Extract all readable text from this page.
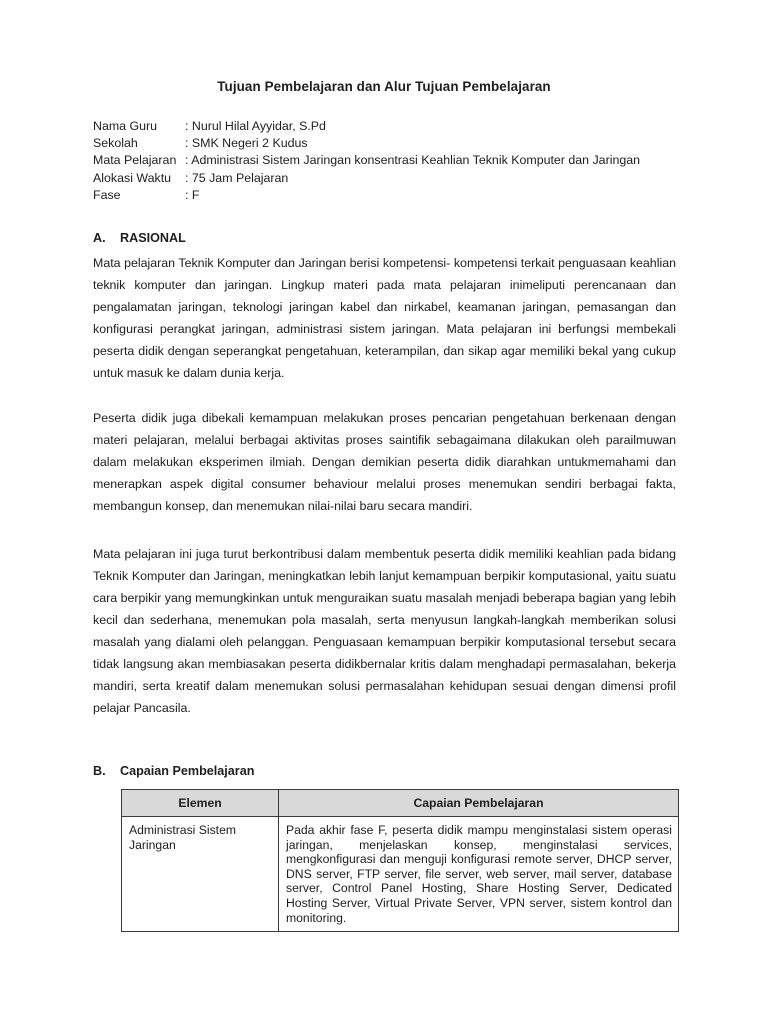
Tujuan Pembelajaran dan Alur Tujuan Pembelajaran
Nama Guru	: Nurul Hilal Ayyidar, S.Pd
Sekolah	: SMK Negeri 2 Kudus
Mata Pelajaran : Administrasi Sistem Jaringan konsentrasi Keahlian Teknik Komputer dan Jaringan
Alokasi Waktu	: 75 Jam Pelajaran
Fase	: F
A. RASIONAL

Mata pelajaran Teknik Komputer dan Jaringan berisi kompetensi- kompetensi terkait penguasaan keahlian teknik komputer dan jaringan. Lingkup materi pada mata pelajaran inimeliputi perencanaan dan pengalamatan jaringan, teknologi jaringan kabel dan nirkabel, keamanan jaringan, pemasangan dan konfigurasi perangkat jaringan, administrasi sistem jaringan. Mata pelajaran ini berfungsi membekali peserta didik dengan seperangkat pengetahuan, keterampilan, dan sikap agar memiliki bekal yang cukup untuk masuk ke dalam dunia kerja.

Peserta didik juga dibekali kemampuan melakukan proses pencarian pengetahuan berkenaan dengan materi pelajaran, melalui berbagai aktivitas proses saintifik sebagaimana dilakukan oleh parailmuwan dalam melakukan eksperimen ilmiah. Dengan demikian peserta didik diarahkan untukmemahami dan menerapkan aspek digital consumer behaviour melalui proses menemukan sendiri berbagai fakta, membangun konsep, dan menemukan nilai-nilai baru secara mandiri.

Mata pelajaran ini juga turut berkontribusi dalam membentuk peserta didik memiliki keahlian pada bidang Teknik Komputer dan Jaringan, meningkatkan lebih lanjut kemampuan berpikir komputasional, yaitu suatu cara berpikir yang memungkinkan untuk menguraikan suatu masalah menjadi beberapa bagian yang lebih kecil dan sederhana, menemukan pola masalah, serta menyusun langkah-langkah memberikan solusi masalah yang dialami oleh pelanggan. Penguasaan kemampuan berpikir komputasional tersebut secara tidak langsung akan membiasakan peserta didikbernalar kritis dalam menghadapi permasalahan, bekerja mandiri, serta kreatif dalam menemukan solusi permasalahan kehidupan sesuai dengan dimensi profil pelajar Pancasila.

B. Capaian Pembelajaran
Elemen	Capaian Pembelajaran
Administrasi Sistem Jaringan	Pada akhir fase F, peserta didik mampu menginstalasi sistem operasi jaringan, menjelaskan konsep, menginstalasi services, mengkonfigurasi dan menguji konfigurasi remote server, DHCP server, DNS server, FTP server, file server, web server, mail server, database server, Control Panel Hosting, Share Hosting Server, Dedicated Hosting Server, Virtual Private Server, VPN server, sistem kontrol dan monitoring.
